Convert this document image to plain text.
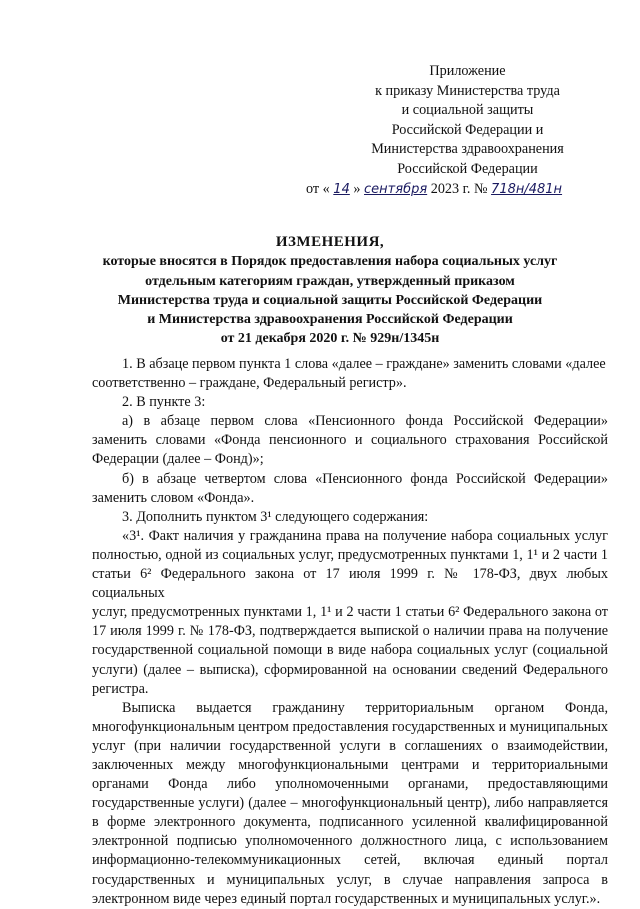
Приложение
к приказу Министерства труда
и социальной защиты
Российской Федерации и
Министерства здравоохранения
Российской Федерации
от « 14 » сентября 2023 г. № 718н/481н
ИЗМЕНЕНИЯ,
которые вносятся в Порядок предоставления набора социальных услуг
отдельным категориям граждан, утвержденный приказом
Министерства труда и социальной защиты Российской Федерации
и Министерства здравоохранения Российской Федерации
от 21 декабря 2020 г. № 929н/1345н
1. В абзаце первом пункта 1 слова «далее – граждане» заменить словами «далее
соответственно – граждане, Федеральный регистр».
2. В пункте 3:
а) в абзаце первом слова «Пенсионного фонда Российской Федерации»
заменить словами «Фонда пенсионного и социального страхования Российской
Федерации (далее – Фонд)»;
б) в абзаце четвертом слова «Пенсионного фонда Российской Федерации»
заменить словом «Фонда».
3. Дополнить пунктом 3¹ следующего содержания:
«3¹. Факт наличия у гражданина права на получение набора социальных услуг
полностью, одной из социальных услуг, предусмотренных пунктами 1, 1¹ и 2 части 1
статьи 6² Федерального закона от 17 июля 1999 г. № 178-ФЗ, двух любых социальных
услуг, предусмотренных пунктами 1, 1¹ и 2 части 1 статьи 6² Федерального закона от
17 июля 1999 г. № 178-ФЗ, подтверждается выпиской о наличии права на получение
государственной социальной помощи в виде набора социальных услуг (социальной
услуги) (далее – выписка), сформированной на основании сведений Федерального
регистра.
Выписка выдается гражданину территориальным органом Фонда,
многофункциональным центром предоставления государственных и муниципальных
услуг (при наличии государственной услуги в соглашениях о взаимодействии,
заключенных между многофункциональными центрами и территориальными
органами Фонда либо уполномоченными органами, предоставляющими
государственные услуги) (далее – многофункциональный центр), либо направляется
в форме электронного документа, подписанного усиленной квалифицированной
электронной подписью уполномоченного должностного лица, с использованием
информационно-телекоммуникационных сетей, включая единый портал
государственных и муниципальных услуг, в случае направления запроса в
электронном виде через единый портал государственных и муниципальных услуг.».
